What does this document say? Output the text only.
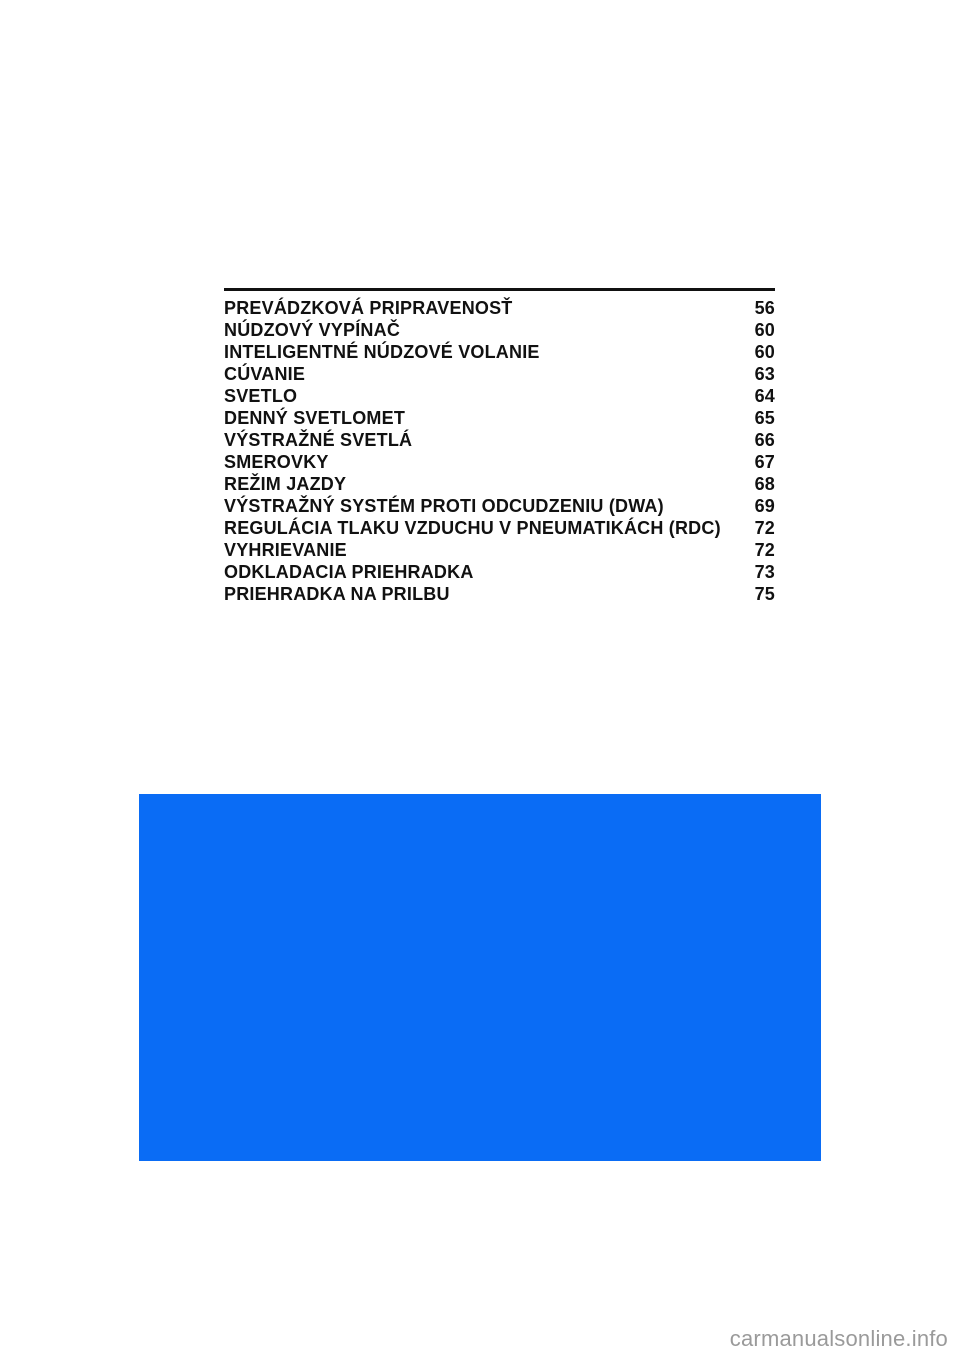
PREVÁDZKOVÁ PRIPRAVENOSŤ	56
NÚDZOVÝ VYPÍNAČ	60
INTELIGENTNÉ NÚDZOVÉ VOLANIE	60
CÚVANIE	63
SVETLO	64
DENNÝ SVETLOMET	65
VÝSTRAŽNÉ SVETLÁ	66
SMEROVKY	67
REŽIM JAZDY	68
VÝSTRAŽNÝ SYSTÉM PROTI ODCUDZENIU (DWA)	69
REGULÁCIA TLAKU VZDUCHU V PNEUMATIKÁCH (RDC)	72
VYHRIEVANIE	72
ODKLADACIA PRIEHRADKA	73
PRIEHRADKA NA PRILBU	75
carmanualsonline.info
